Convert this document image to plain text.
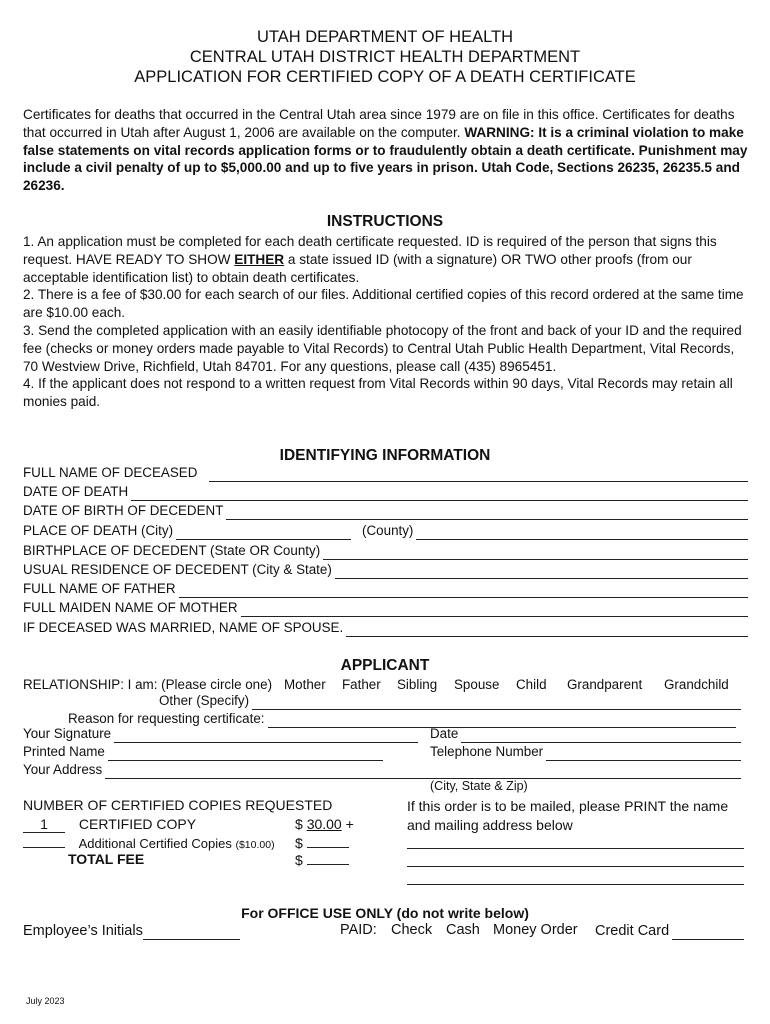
UTAH DEPARTMENT OF HEALTH
CENTRAL UTAH DISTRICT HEALTH DEPARTMENT
APPLICATION FOR CERTIFIED COPY OF A DEATH CERTIFICATE
Certificates for deaths that occurred in the Central Utah area since 1979 are on file in this office. Certificates for deaths that occurred in Utah after August 1, 2006 are available on the computer. WARNING: It is a criminal violation to make false statements on vital records application forms or to fraudulently obtain a death certificate. Punishment may include a civil penalty of up to $5,000.00 and up to five years in prison. Utah Code, Sections 26235, 26235.5 and 26236.
INSTRUCTIONS
1. An application must be completed for each death certificate requested. ID is required of the person that signs this request. HAVE READY TO SHOW EITHER a state issued ID (with a signature) OR TWO other proofs (from our acceptable identification list) to obtain death certificates.
2. There is a fee of $30.00 for each search of our files. Additional certified copies of this record ordered at the same time are $10.00 each.
3. Send the completed application with an easily identifiable photocopy of the front and back of your ID and the required fee (checks or money orders made payable to Vital Records) to Central Utah Public Health Department, Vital Records, 70 Westview Drive, Richfield, Utah 84701. For any questions, please call (435) 8965451.
4. If the applicant does not respond to a written request from Vital Records within 90 days, Vital Records may retain all monies paid.
IDENTIFYING INFORMATION
FULL NAME OF DECEASED
DATE OF DEATH
DATE OF BIRTH OF DECEDENT
PLACE OF DEATH (City)	(County)
BIRTHPLACE OF DECEDENT (State OR County)
USUAL RESIDENCE OF DECEDENT (City & State)
FULL NAME OF FATHER
FULL MAIDEN NAME OF MOTHER
IF DECEASED WAS MARRIED, NAME OF SPOUSE.
APPLICANT
RELATIONSHIP: I am: (Please circle one) Mother Father Sibling Spouse Child Grandparent Grandchild
Other (Specify)
Reason for requesting certificate:
Your Signature	Date
Printed Name	Telephone Number
Your Address
(City, State & Zip)
NUMBER OF CERTIFIED COPIES REQUESTED
1 CERTIFIED COPY	$ 30.00 +
Additional Certified Copies ($10.00) $
TOTAL FEE	$
If this order is to be mailed, please PRINT the name and mailing address below
For OFFICE USE ONLY (do not write below)
Employee’s Initials	PAID: Check Cash Money Order Credit Card
July 2023
